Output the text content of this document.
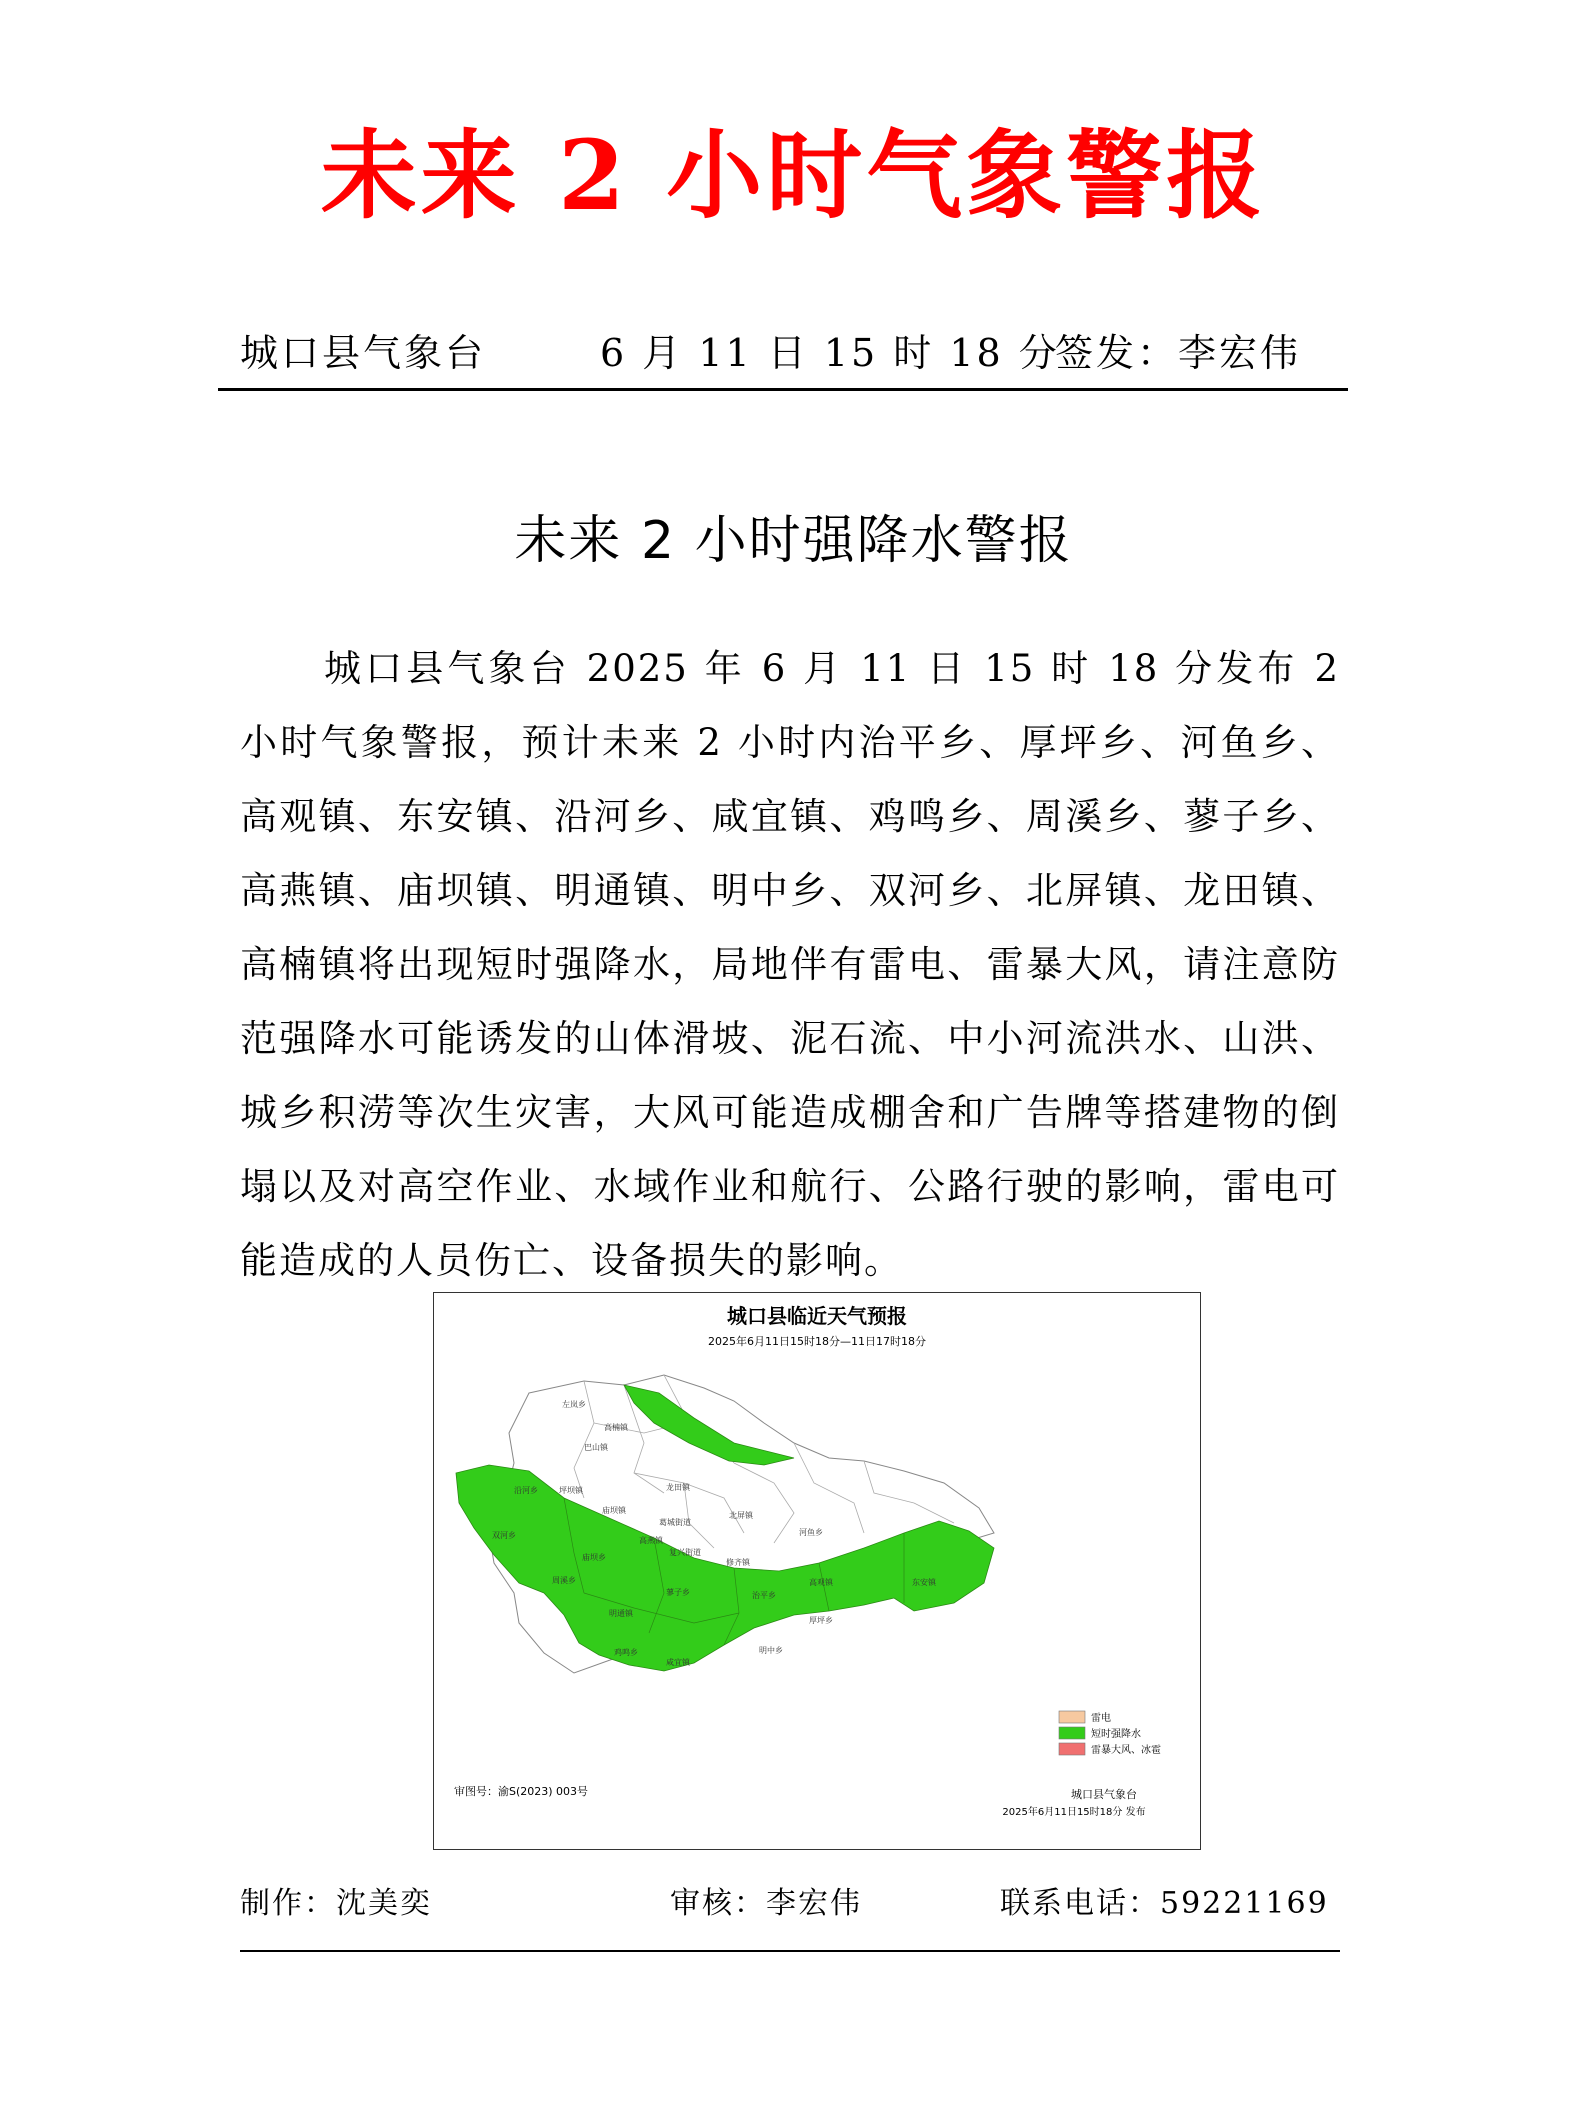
未来 2 小时气象警报
城口县气象台	6 月 11 日 15 时 18 分
签发：李宏伟
未来 2 小时强降水警报
城口县气象台 2025 年 6 月 11 日 15 时 18 分发布 2 小时气象警报，预计未来 2 小时内治平乡、厚坪乡、河鱼乡、高观镇、东安镇、沿河乡、咸宜镇、鸡鸣乡、周溪乡、蓼子乡、高燕镇、庙坝镇、明通镇、明中乡、双河乡、北屏镇、龙田镇、高楠镇将出现短时强降水，局地伴有雷电、雷暴大风，请注意防范强降水可能诱发的山体滑坡、泥石流、中小河流洪水、山洪、城乡积涝等次生灾害，大风可能造成棚舍和广告牌等搭建物的倒塌以及对高空作业、水域作业和航行、公路行驶的影响，雷电可能造成的人员伤亡、设备损失的影响。
城口县临近天气预报
2025年6月11日15时18分—11日17时18分
左岚乡
高楠镇
巴山镇
龙田镇
沿河乡	坪坝镇
北屏镇
葛城街道
双河乡
庙坝镇
庙坝乡
高燕镇
复兴街道
修齐镇
河鱼乡
周溪乡
蓼子乡	治平乡
高观镇	东安镇
明通镇
厚坪乡
鸡鸣乡
咸宜镇
明中乡
雷电
短时强降水
雷暴大风、冰雹
审图号：渝S(2023) 003号	城口县气象台
2025年6月11日15时18分 发布
制作：沈美奕	审核：李宏伟	联系电话：59221169
